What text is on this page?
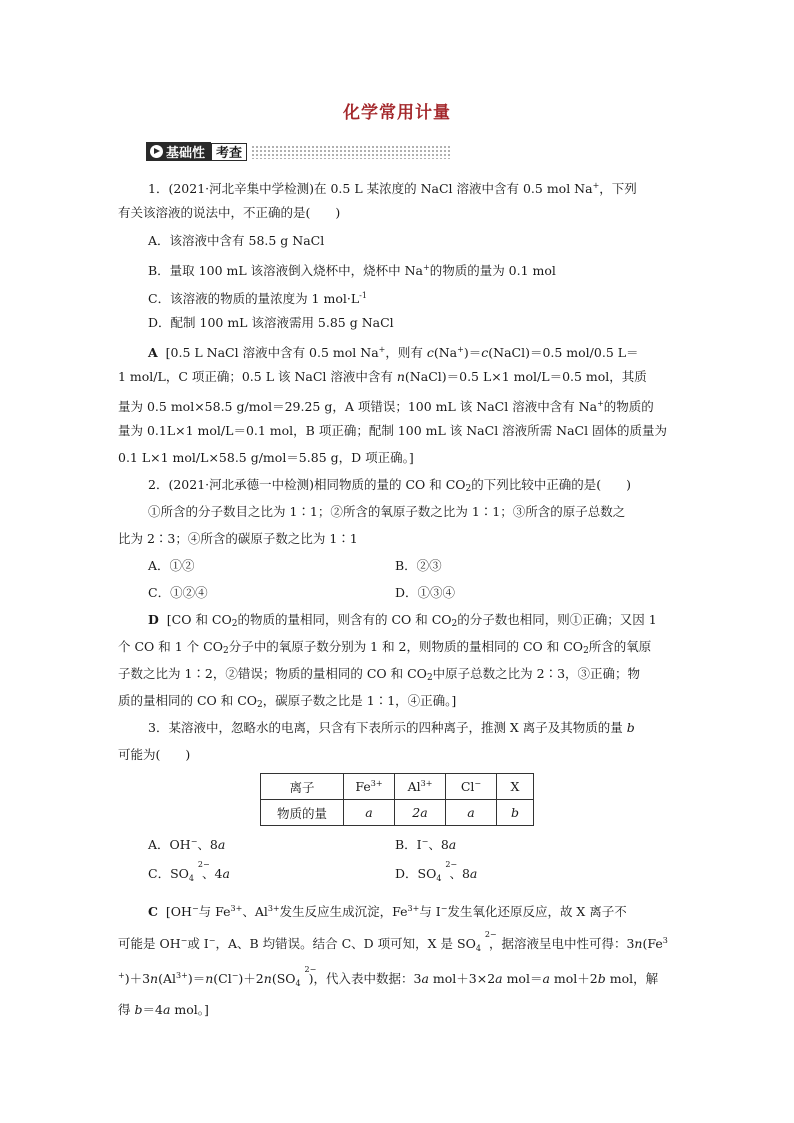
化学常用计量
基础性 考查
1．(2021·河北辛集中学检测)在 0.5 L 某浓度的 NaCl 溶液中含有 0.5 mol Na+，下列
有关该溶液的说法中，不正确的是(　　)
A．该溶液中含有 58.5 g NaCl
B．量取 100 mL 该溶液倒入烧杯中，烧杯中 Na+的物质的量为 0.1 mol
C．该溶液的物质的量浓度为 1 $mol\cdot L^{-1}$
D．配制 100 mL 该溶液需用 5.85 g NaCl
A [0.5 L NaCl 溶液中含有 0.5 mol Na+，则有 c(Na+)＝c(NaCl)＝0.5 mol/0.5 L＝
1 mol/L，C 项正确；0.5 L 该 NaCl 溶液中含有 n(NaCl)＝0.5 L×1 mol/L＝0.5 mol，其质
量为 0.5 mol×58.5 g/mol＝29.25 g，A 项错误；100 mL 该 NaCl 溶液中含有 Na+的物质的
量为 0.1L×1 mol/L＝0.1 mol，B 项正确；配制 100 mL 该 NaCl 溶液所需 NaCl 固体的质量为
0.1 L×1 mol/L×58.5 g/mol＝5.85 g，D 项正确。]
2．(2021·河北承德一中检测)相同物质的量的 CO 和 $CO_2$的下列比较中正确的是(　　)
①所含的分子数目之比为 1∶1；②所含的氧原子数之比为 1∶1；③所含的原子总数之
比为 2∶3；④所含的碳原子数之比为 1∶1
A．①②	B．②③
C．①②④	D．①③④
D [CO 和 $CO_2$的物质的量相同，则含有的 CO 和 $CO_2$的分子数也相同，则①正确；又因 1
个 CO 和 1 个 $CO_2$分子中的氧原子数分别为 1 和 2，则物质的量相同的 CO 和 $CO_2$所含的氧原
子数之比为 1∶2，②错误；物质的量相同的 CO 和 $CO_2$中原子总数之比为 2∶3，③正确；物
质的量相同的 CO 和 $CO_2$，碳原子数之比是 1∶1，④正确。]
3．某溶液中，忽略水的电离，只含有下表所示的四种离子，推测 X 离子及其物质的量 b
可能为(　　)
离子	$Fe^{3+}$	$Al^{3+}$	Cl−	X
物质的量	a	2a	a	b
A．OH−、8a	B．I−、8a
C．SO
2−
$_4$ 、4a	D．SO
2−
$_4$ 、8a
C [OH−与 $Fe^{3+}$、$Al^{3+}$发生反应生成沉淀，$Fe^{3+}$与 I−发生氧化还原反应，故 X 离子不
可能是 OH−或 I−，A、B 均错误。结合 C、D 项可知，X 是 SO
2−
$_4$ ，据溶液呈电中性可得：3n(Fe$^3$
$^+)+3n(Al^{3+})=n(Cl^-)+2n(SO$
2−
$_4$ )，代入表中数据：3a mol＋3×2a mol＝a mol＋2b mol，解
得 b＝4a mol。]
